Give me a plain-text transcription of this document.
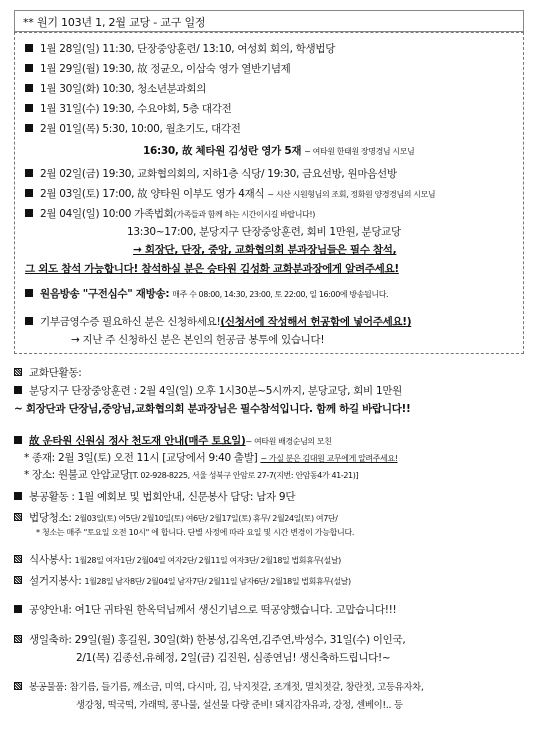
** 원기 103년 1, 2월 교당 - 교구 일정
1월 28일(일) 11:30, 단장중앙훈련/ 13:10, 여성회 회의, 학생법당
1월 29일(월) 19:30, 故 정균오, 이삼숙 영가 열반기념제
1월 30일(화) 10:30, 청소년분과회의
1월 31일(수) 19:30, 수요야회, 5층 대각전
2월 01일(목) 5:30, 10:00, 월초기도, 대각전
16:30, 故 체타원 김성란 영가 5재 ~ 여타원 한태원 장명경님 시모님
2월 02일(금) 19:30, 교화협의회의, 지하1층 식당/ 19:30, 금요선방, 원마음선방
2월 03일(토) 17:00, 故 양타원 이부도 영가 4재식 ~ 시산 시원형님의 조회, 정화원 양경경님의 시모님
2월 04일(일) 10:00 가족법회(가족들과 함께 하는 시간이시길 바랍니다!)
13:30~17:00, 분당지구 단장중앙훈련, 회비 1만원, 분당교당
→ 회장단, 단장, 중앙, 교화협의회 분과장님들은 필수 참석,
그 외도 참석 가능합니다! 참석하실 분은 승타원 김성화 교화분과장에게 알려주세요!
원음방송 "구전심수" 재방송: 매주 수 08:00, 14:30, 23:00, 토 22:00, 일 16:00에 방송됩니다.
기부금영수증 필요하신 분은 신청하세요!(신청서에 작성해서 헌공함에 넣어주세요!)
→ 지난 주 신청하신 분은 본인의 헌공금 봉투에 있습니다!
교화단활동:
분당지구 단장중앙훈련 : 2월 4일(일) 오후 1시30분~5시까지, 분당교당, 회비 1만원
~ 회장단과 단장님,중앙님,교화협의회 분과장님은 필수참석입니다. 함께 하길 바랍니다!!
故 운타원 신원심 정사 천도재 안내(매주 토요일)~ 여타원 배경순님의 모친
* 종재: 2월 3일(토) 오전 11시 [교당에서 9:40 출발] ~ 가실 분은 김대원 교무에게 알려주세요!
* 장소: 원불교 안암교당[T. 02-928-8225, 서울 성북구 안암로 27-7(지번: 안암동4가 41-21)]
봉공활동 : 1월 예회보 및 법회안내, 신문봉사 담당: 남자 9단
법당청소: 2월03일(토) 여5단/ 2월10일(토) 여6단/ 2월17일(토) 휴무/ 2월24일(토) 여7단/
* 청소는 매주 "토요일 오전 10시" 에 합니다. 단별 사정에 따라 요일 및 시간 변경이 가능합니다.
식사봉사: 1월28일 여자1단/ 2월04일 여자2단/ 2월11일 여자3단/ 2월18일 법회휴무(설날)
설거지봉사: 1월28일 남자8단/ 2월04일 남자7단/ 2월11일 남자6단/ 2월18일 법회휴무(설날)
공양안내: 여1단 귀타원 한옥덕님께서 생신기념으로 떡공양했습니다. 고맙습니다!!!
생일축하: 29일(월) 홍길원, 30일(화) 한봉성,김옥연,김주연,박성수, 31일(수) 이인국,
2/1(목) 김종선,유혜정, 2일(금) 김진원, 심종연님! 생신축하드립니다!~
봉공물품: 참기름, 들기름, 깨소금, 미역, 다시마, 김, 낙지젓갈, 조개젓, 멸치젓갈, 창란젓, 고등유자차,
생강청, 떡국떡, 가래떡, 콩나물, 설선물 다량 준비! 돼지감자유과, 강정, 센베이!.. 등
